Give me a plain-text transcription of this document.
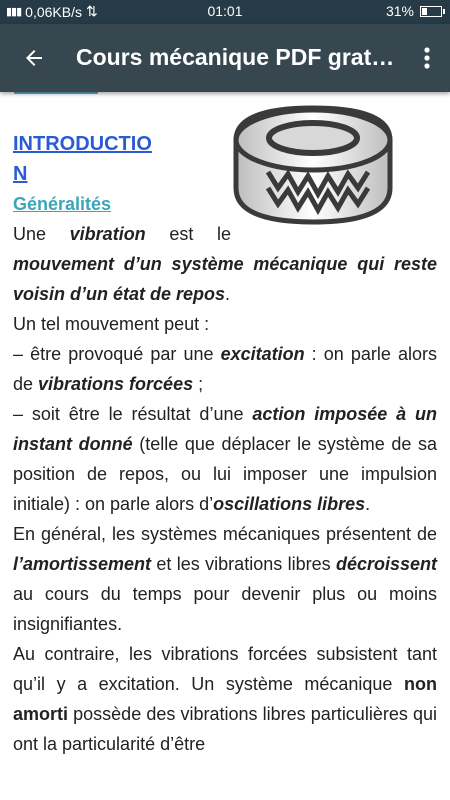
▮▮▮ 0,06KB/s ⇅	01:01	31%
Cours mécanique PDF grat…

INTRODUCTION

Généralités

Une vibration est le mouvement d’un système mécanique qui reste voisin d’un état de repos.

Un tel mouvement peut :

– être provoqué par une excitation : on parle alors de vibrations forcées ;

– soit être le résultat d’une action imposée à un instant donné (telle que déplacer le système de sa position de repos, ou lui imposer une impulsion initiale) : on parle alors d’oscillations libres.

En général, les systèmes mécaniques présentent de l’amortissement et les vibrations libres décroissent au cours du temps pour devenir plus ou moins insignifiantes.

Au contraire, les vibrations forcées subsistent tant qu’il y a excitation. Un système mécanique non amorti possède des vibrations libres particulières qui ont la particularité d’être
